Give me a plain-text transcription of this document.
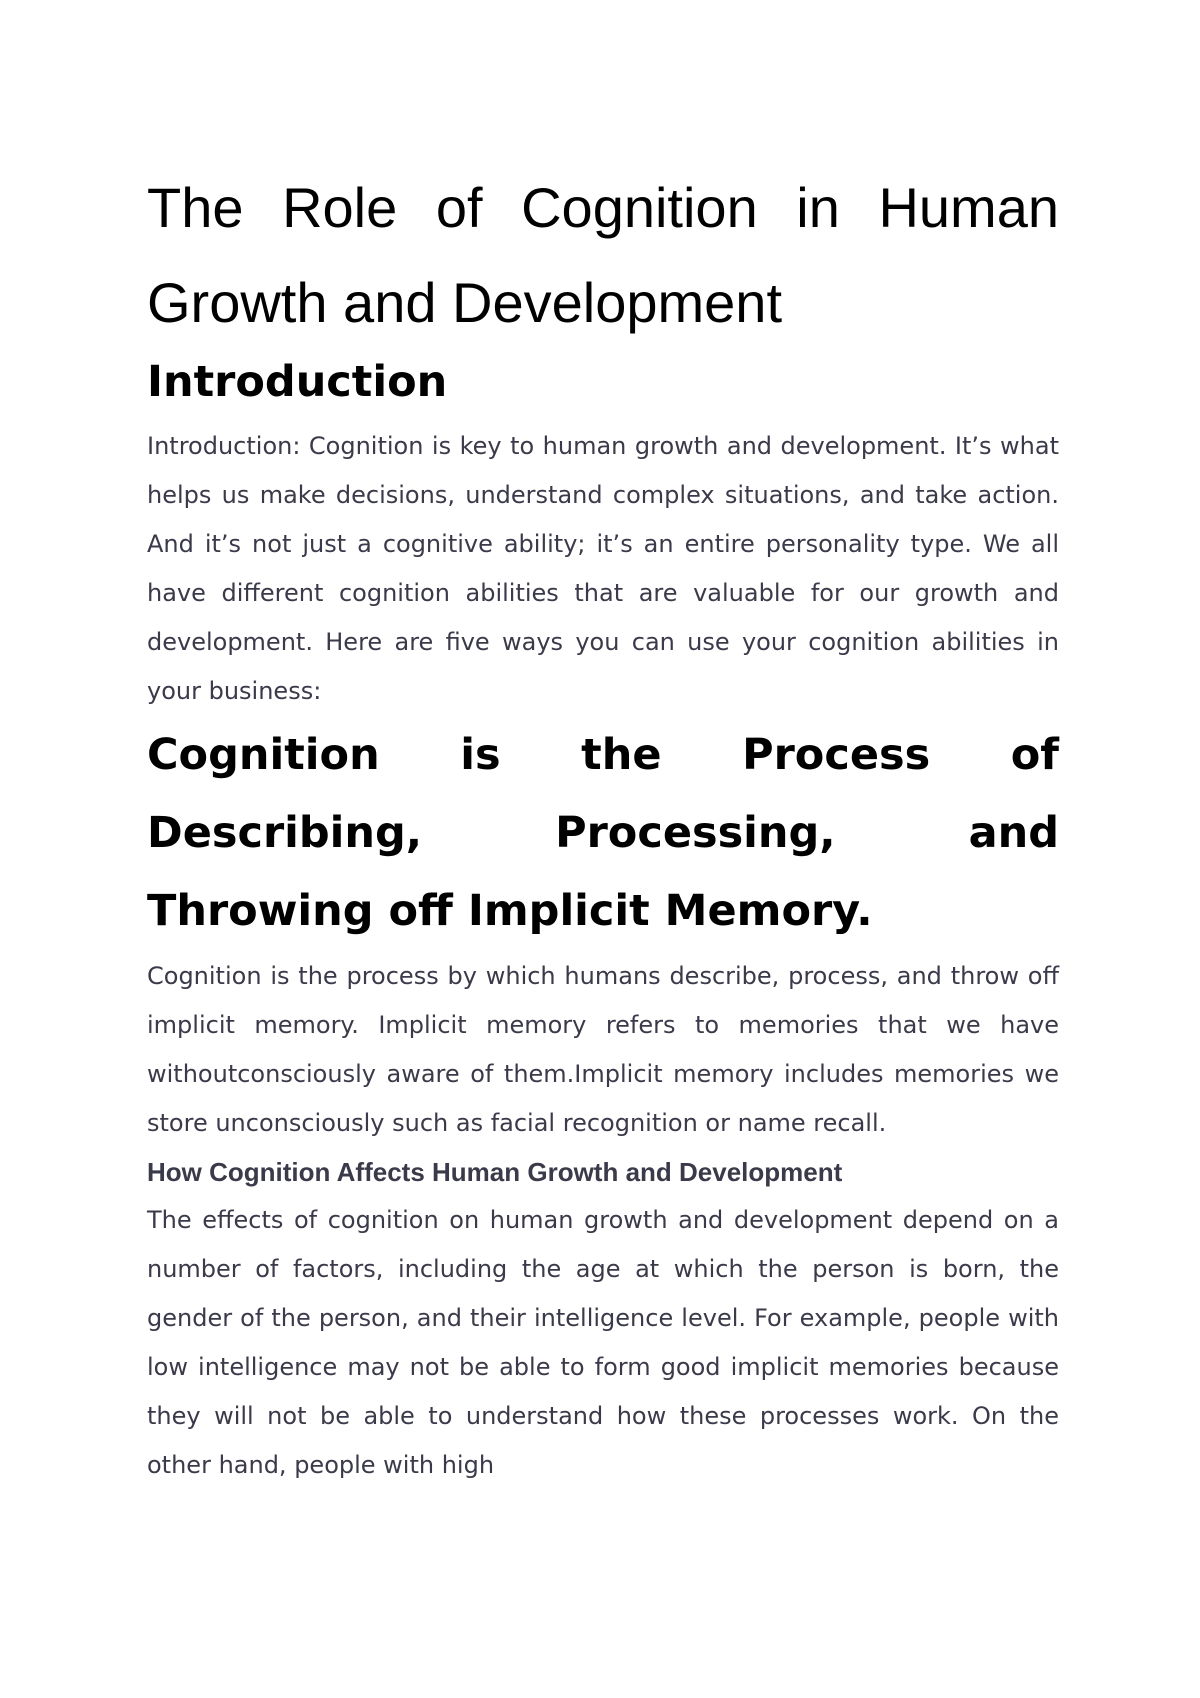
The Role of Cognition in Human Growth and Development
Introduction

Introduction: Cognition is key to human growth and development. It’s what helps us make decisions, understand complex situations, and take action. And it’s not just a cognitive ability; it’s an entire personality type. We all have different cognition abilities that are valuable for our growth and development. Here are five ways you can use your cognition abilities in your business:

Cognition is the Process of Describing, Processing, and Throwing off Implicit Memory.

Cognition is the process by which humans describe, process, and throw off implicit memory. Implicit memory refers to memories that we have withoutconsciously aware of them.Implicit memory includes memories we store unconsciously such as facial recognition or name recall.

How Cognition Affects Human Growth and Development

The effects of cognition on human growth and development depend on a number of factors, including the age at which the person is born, the gender of the person, and their intelligence level. For example, people with low intelligence may not be able to form good implicit memories because they will not be able to understand how these processes work. On the other hand, people with high
